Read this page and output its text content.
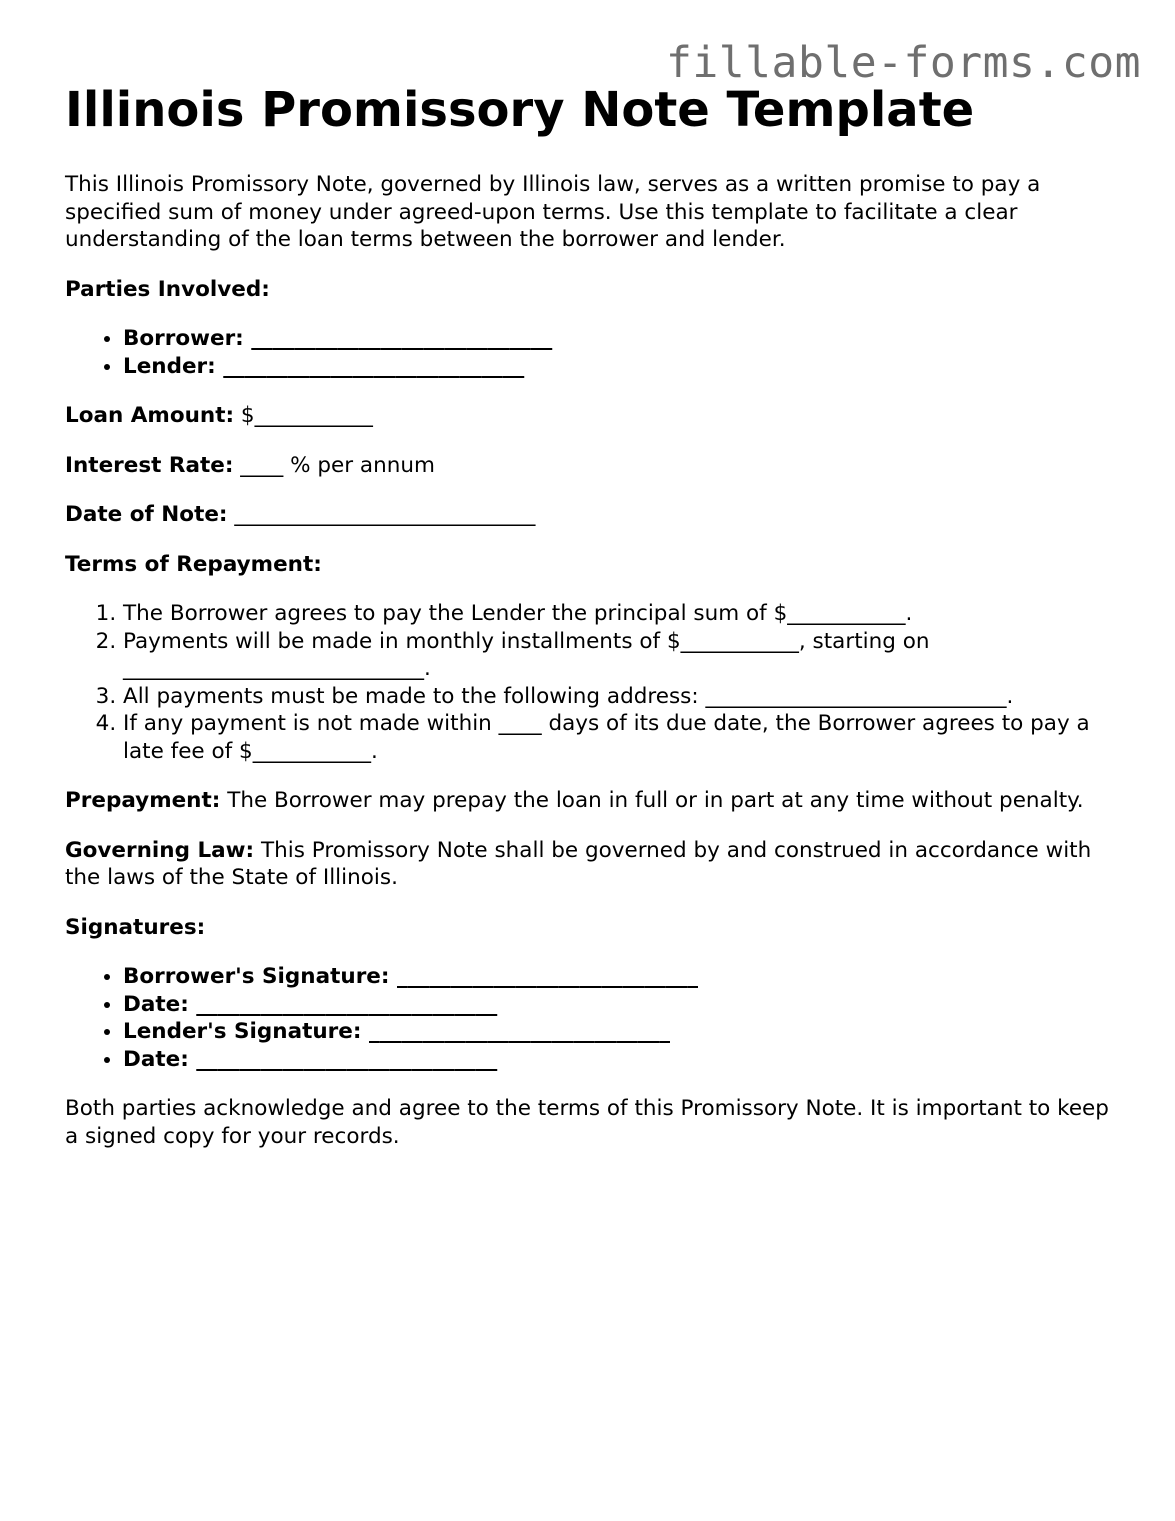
fillable-forms.com
Illinois Promissory Note Template

This Illinois Promissory Note, governed by Illinois law, serves as a written promise to pay a specified sum of money under agreed-upon terms. Use this template to facilitate a clear understanding of the loan terms between the borrower and lender.

Parties Involved:

• Borrower: ____________________________
• Lender: ____________________________

Loan Amount: $___________

Interest Rate: ____ % per annum

Date of Note: ____________________________

Terms of Repayment:

1. The Borrower agrees to pay the Lender the principal sum of $___________.
2. Payments will be made in monthly installments of $___________, starting on ____________________________.
3. All payments must be made to the following address: ____________________________.
4. If any payment is not made within ____ days of its due date, the Borrower agrees to pay a late fee of $___________.

Prepayment: The Borrower may prepay the loan in full or in part at any time without penalty.

Governing Law: This Promissory Note shall be governed by and construed in accordance with the laws of the State of Illinois.

Signatures:

• Borrower's Signature: ____________________________
• Date: ____________________________
• Lender's Signature: ____________________________
• Date: ____________________________

Both parties acknowledge and agree to the terms of this Promissory Note. It is important to keep a signed copy for your records.
